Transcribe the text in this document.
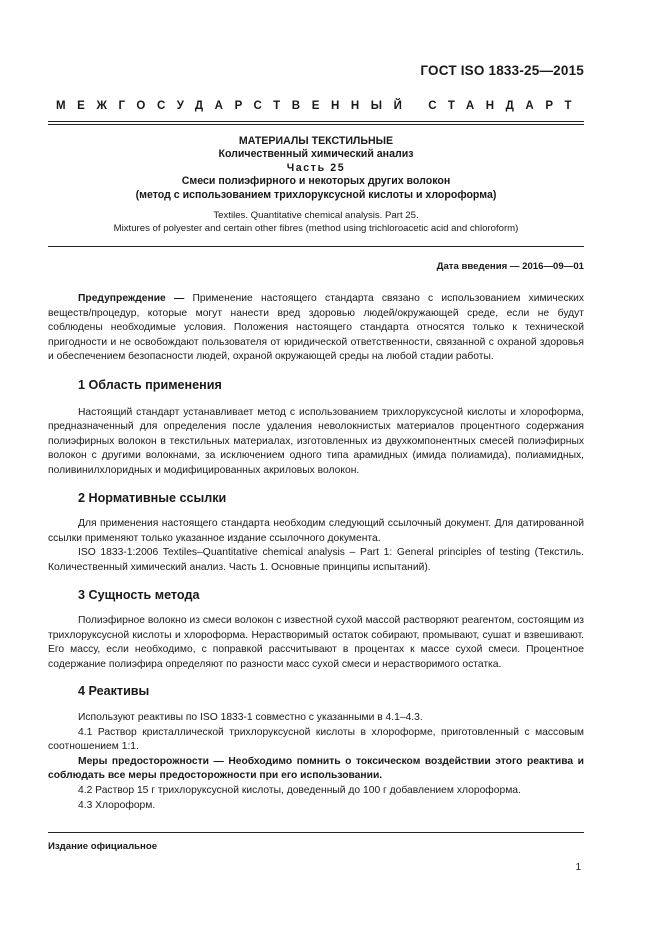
ГОСТ ISO 1833-25—2015
МЕЖГОСУДАРСТВЕННЫЙ СТАНДАРТ
МАТЕРИАЛЫ ТЕКСТИЛЬНЫЕ
Количественный химический анализ
Часть 25
Смеси полиэфирного и некоторых других волокон
(метод с использованием трихлоруксусной кислоты и хлороформа)
Textiles. Quantitative chemical analysis. Part 25.
Mixtures of polyester and certain other fibres (method using trichloroacetic acid and chloroform)
Дата введения — 2016—09—01

Предупреждение — Применение настоящего стандарта связано с использованием химических веществ/процедур, которые могут нанести вред здоровью людей/окружающей среде, если не будут соблюдены необходимые условия. Положения настоящего стандарта относятся только к технической пригодности и не освобождают пользователя от юридической ответственности, связанной с охраной здоровья и обеспечением безопасности людей, охраной окружающей среды на любой стадии работы.

1 Область применения

Настоящий стандарт устанавливает метод с использованием трихлоруксусной кислоты и хлороформа, предназначенный для определения после удаления неволокнистых материалов процентного содержания полиэфирных волокон в текстильных материалах, изготовленных из двухкомпонентных смесей полиэфирных волокон с другими волокнами, за исключением одного типа арамидных (имида полиамида), полиамидных, поливинилхлоридных и модифицированных акриловых волокон.

2 Нормативные ссылки

Для применения настоящего стандарта необходим следующий ссылочный документ. Для датированной ссылки применяют только указанное издание ссылочного документа.

ISO 1833-1:2006 Textiles–Quantitative chemical analysis – Part 1: General principles of testing (Текстиль. Количественный химический анализ. Часть 1. Основные принципы испытаний).

3 Сущность метода

Полиэфирное волокно из смеси волокон с известной сухой массой растворяют реагентом, состоящим из трихлоруксусной кислоты и хлороформа. Нерастворимый остаток собирают, промывают, сушат и взвешивают. Его массу, если необходимо, с поправкой рассчитывают в процентах к массе сухой смеси. Процентное содержание полиэфира определяют по разности масс сухой смеси и нерастворимого остатка.

4 Реактивы

Используют реактивы по ISO 1833-1 совместно с указанными в 4.1–4.3.

4.1 Раствор кристаллической трихлоруксусной кислоты в хлороформе, приготовленный с массовым соотношением 1:1.

Меры предосторожности — Необходимо помнить о токсическом воздействии этого реактива и соблюдать все меры предосторожности при его использовании.

4.2 Раствор 15 г трихлоруксусной кислоты, доведенный до 100 г добавлением хлороформа.

4.3 Хлороформ.

Издание официальное
1
